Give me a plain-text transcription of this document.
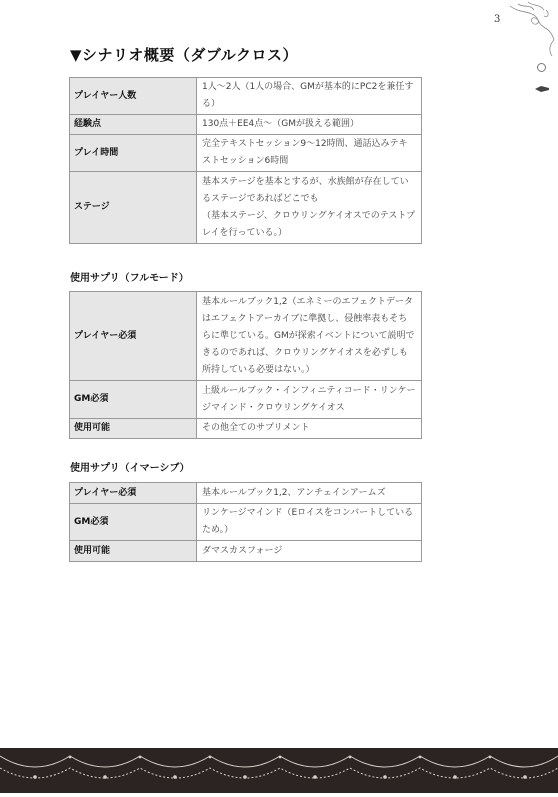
3
▼シナリオ概要（ダブルクロス）
プレイヤー人数	1人〜2人（1人の場合、GMが基本的にPC2を兼任する）
経験点	130点＋EE4点〜（GMが扱える範囲）
プレイ時間	完全テキストセッション9〜12時間、通話込みテキストセッション6時間
ステージ	基本ステージを基本とするが、水族館が存在しているステージであればどこでも
（基本ステージ、クロウリングケイオスでのテストプレイを行っている。）
使用サプリ（フルモード）
プレイヤー必須	基本ルールブック1,2（エネミーのエフェクトデータはエフェクトアーカイブに準拠し、侵蝕率表もそちらに準じている。GMが探索イベントについて説明できるのであれば、クロウリングケイオスを必ずしも所持している必要はない。）
GM必須	上級ルールブック・インフィニティコード・リンケージマインド・クロウリングケイオス
使用可能	その他全てのサプリメント
使用サプリ（イマーシブ）
プレイヤー必須	基本ルールブック1,2、アンチェインアームズ
GM必須	リンケージマインド（Eロイスをコンバートしているため。）
使用可能	ダマスカスフォージ
